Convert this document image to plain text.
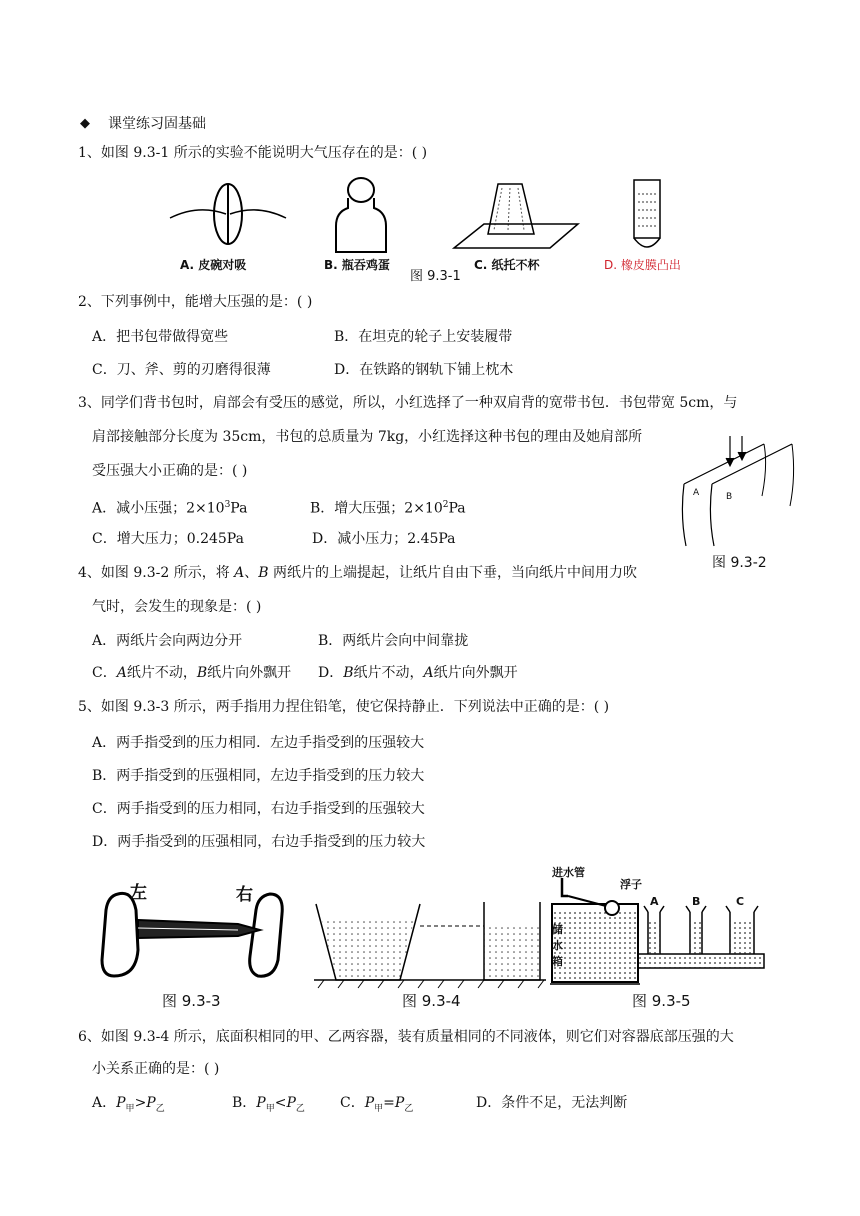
◆ 课堂练习固基础
1、如图 9.3-1 所示的实验不能说明大气压存在的是：( )
A. 皮碗对吸	B. 瓶吞鸡蛋
图 9.3-1
C. 纸托不杯	D. 橡皮膜凸出
2、下列事例中，能增大压强的是：( )
A．把书包带做得宽些	B．在坦克的轮子上安装履带
C．刀、斧、剪的刃磨得很薄	D．在铁路的钢轨下铺上枕木
3、同学们背书包时，肩部会有受压的感觉，所以，小红选择了一种双肩背的宽带书包．书包带宽 5cm，与
肩部接触部分长度为 35cm，书包的总质量为 7kg，小红选择这种书包的理由及她肩部所
受压强大小正确的是：( )
A．减小压强；$2\times 10^3Pa$	B．增大压强；$2\times 10^2Pa$
C．增大压力；0.245Pa	D．减小压力；2.45Pa
A	B
图 9.3-2
4、如图 9.3-2 所示，将 A、B 两纸片的上端提起，让纸片自由下垂，当向纸片中间用力吹
气时，会发生的现象是：( )
A．两纸片会向两边分开	B．两纸片会向中间靠拢
C．A纸片不动，B纸片向外飘开 D．B纸片不动，A纸片向外飘开
5、如图 9.3-3 所示，两手指用力捏住铅笔，使它保持静止．下列说法中正确的是：( )
A．两手指受到的压力相同．左边手指受到的压强较大
B．两手指受到的压强相同，左边手指受到的压力较大
C．两手指受到的压力相同，右边手指受到的压强较大
D．两手指受到的压强相同，右边手指受到的压力较大
左	右
图 9.3-3	图 9.3-4
进水管
浮子
储水箱
A	B	C
图 9.3-5
6、如图 9.3-4 所示，底面积相同的甲、乙两容器，装有质量相同的不同液体，则它们对容器底部压强的大
小关系正确的是：( )
A．$P_甲>P_乙$	B．$P_甲<P_乙$	C．$P_甲=P_乙$	D．条件不足，无法判断
